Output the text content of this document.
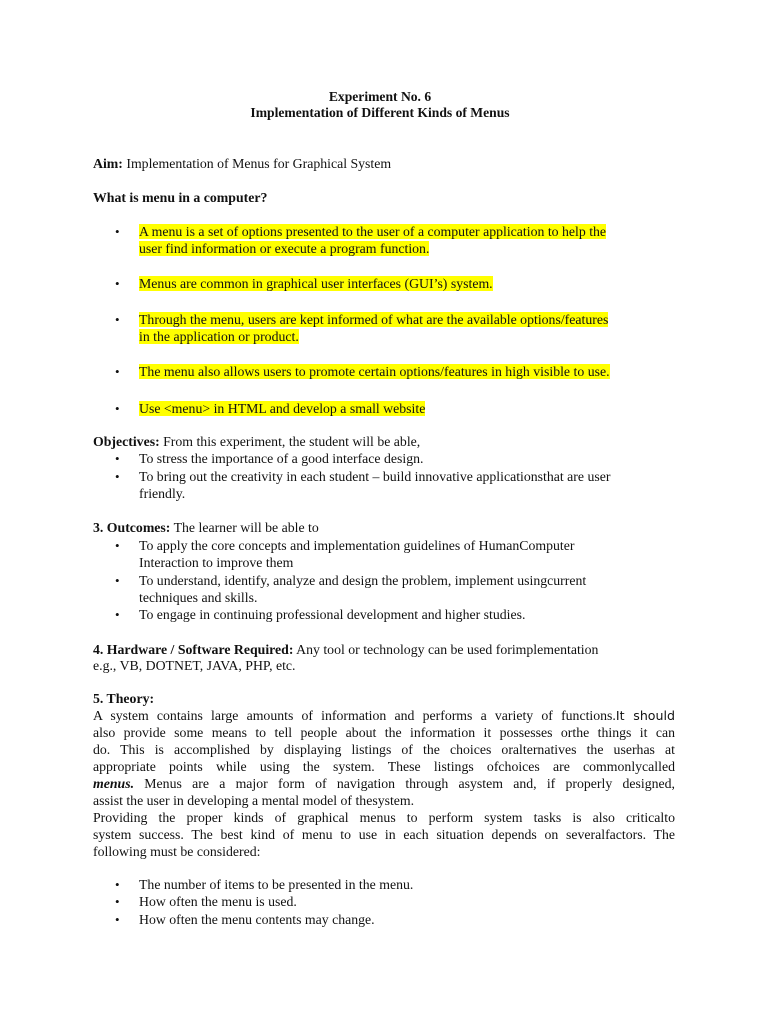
Experiment No. 6

Implementation of Different Kinds of Menus

Aim: Implementation of Menus for Graphical System

What is menu in a computer?

• A menu is a set of options presented to the user of a computer application to help the

user find information or execute a program function.

• Menus are common in graphical user interfaces (GUI’s) system.

• Through the menu, users are kept informed of what are the available options/features

in the application or product.

• The menu also allows users to promote certain options/features in high visible to use.

• Use <menu> in HTML and develop a small website

Objectives: From this experiment, the student will be able,

• To stress the importance of a good interface design.

• To bring out the creativity in each student – build innovative applicationsthat are user

friendly.

3. Outcomes: The learner will be able to

• To apply the core concepts and implementation guidelines of HumanComputer

Interaction to improve them

• To understand, identify, analyze and design the problem, implement usingcurrent

techniques and skills.

• To engage in continuing professional development and higher studies.

4. Hardware / Software Required: Any tool or technology can be used forimplementation

e.g., VB, DOTNET, JAVA, PHP, etc.

5. Theory:

A system contains large amounts of information and performs a variety of functions.It should
also provide some means to tell people about the information it possesses orthe things it can
do. This is accomplished by displaying listings of the choices oralternatives the userhas at
appropriate points while using the system. These listings ofchoices are commonlycalled
menus. Menus are a major form of navigation through asystem and, if properly designed,
assist the user in developing a mental model of thesystem.
Providing the proper kinds of graphical menus to perform system tasks is also criticalto
system success. The best kind of menu to use in each situation depends on severalfactors. The
following must be considered:
• The number of items to be presented in the menu.

• How often the menu is used.

• How often the menu contents may change.
